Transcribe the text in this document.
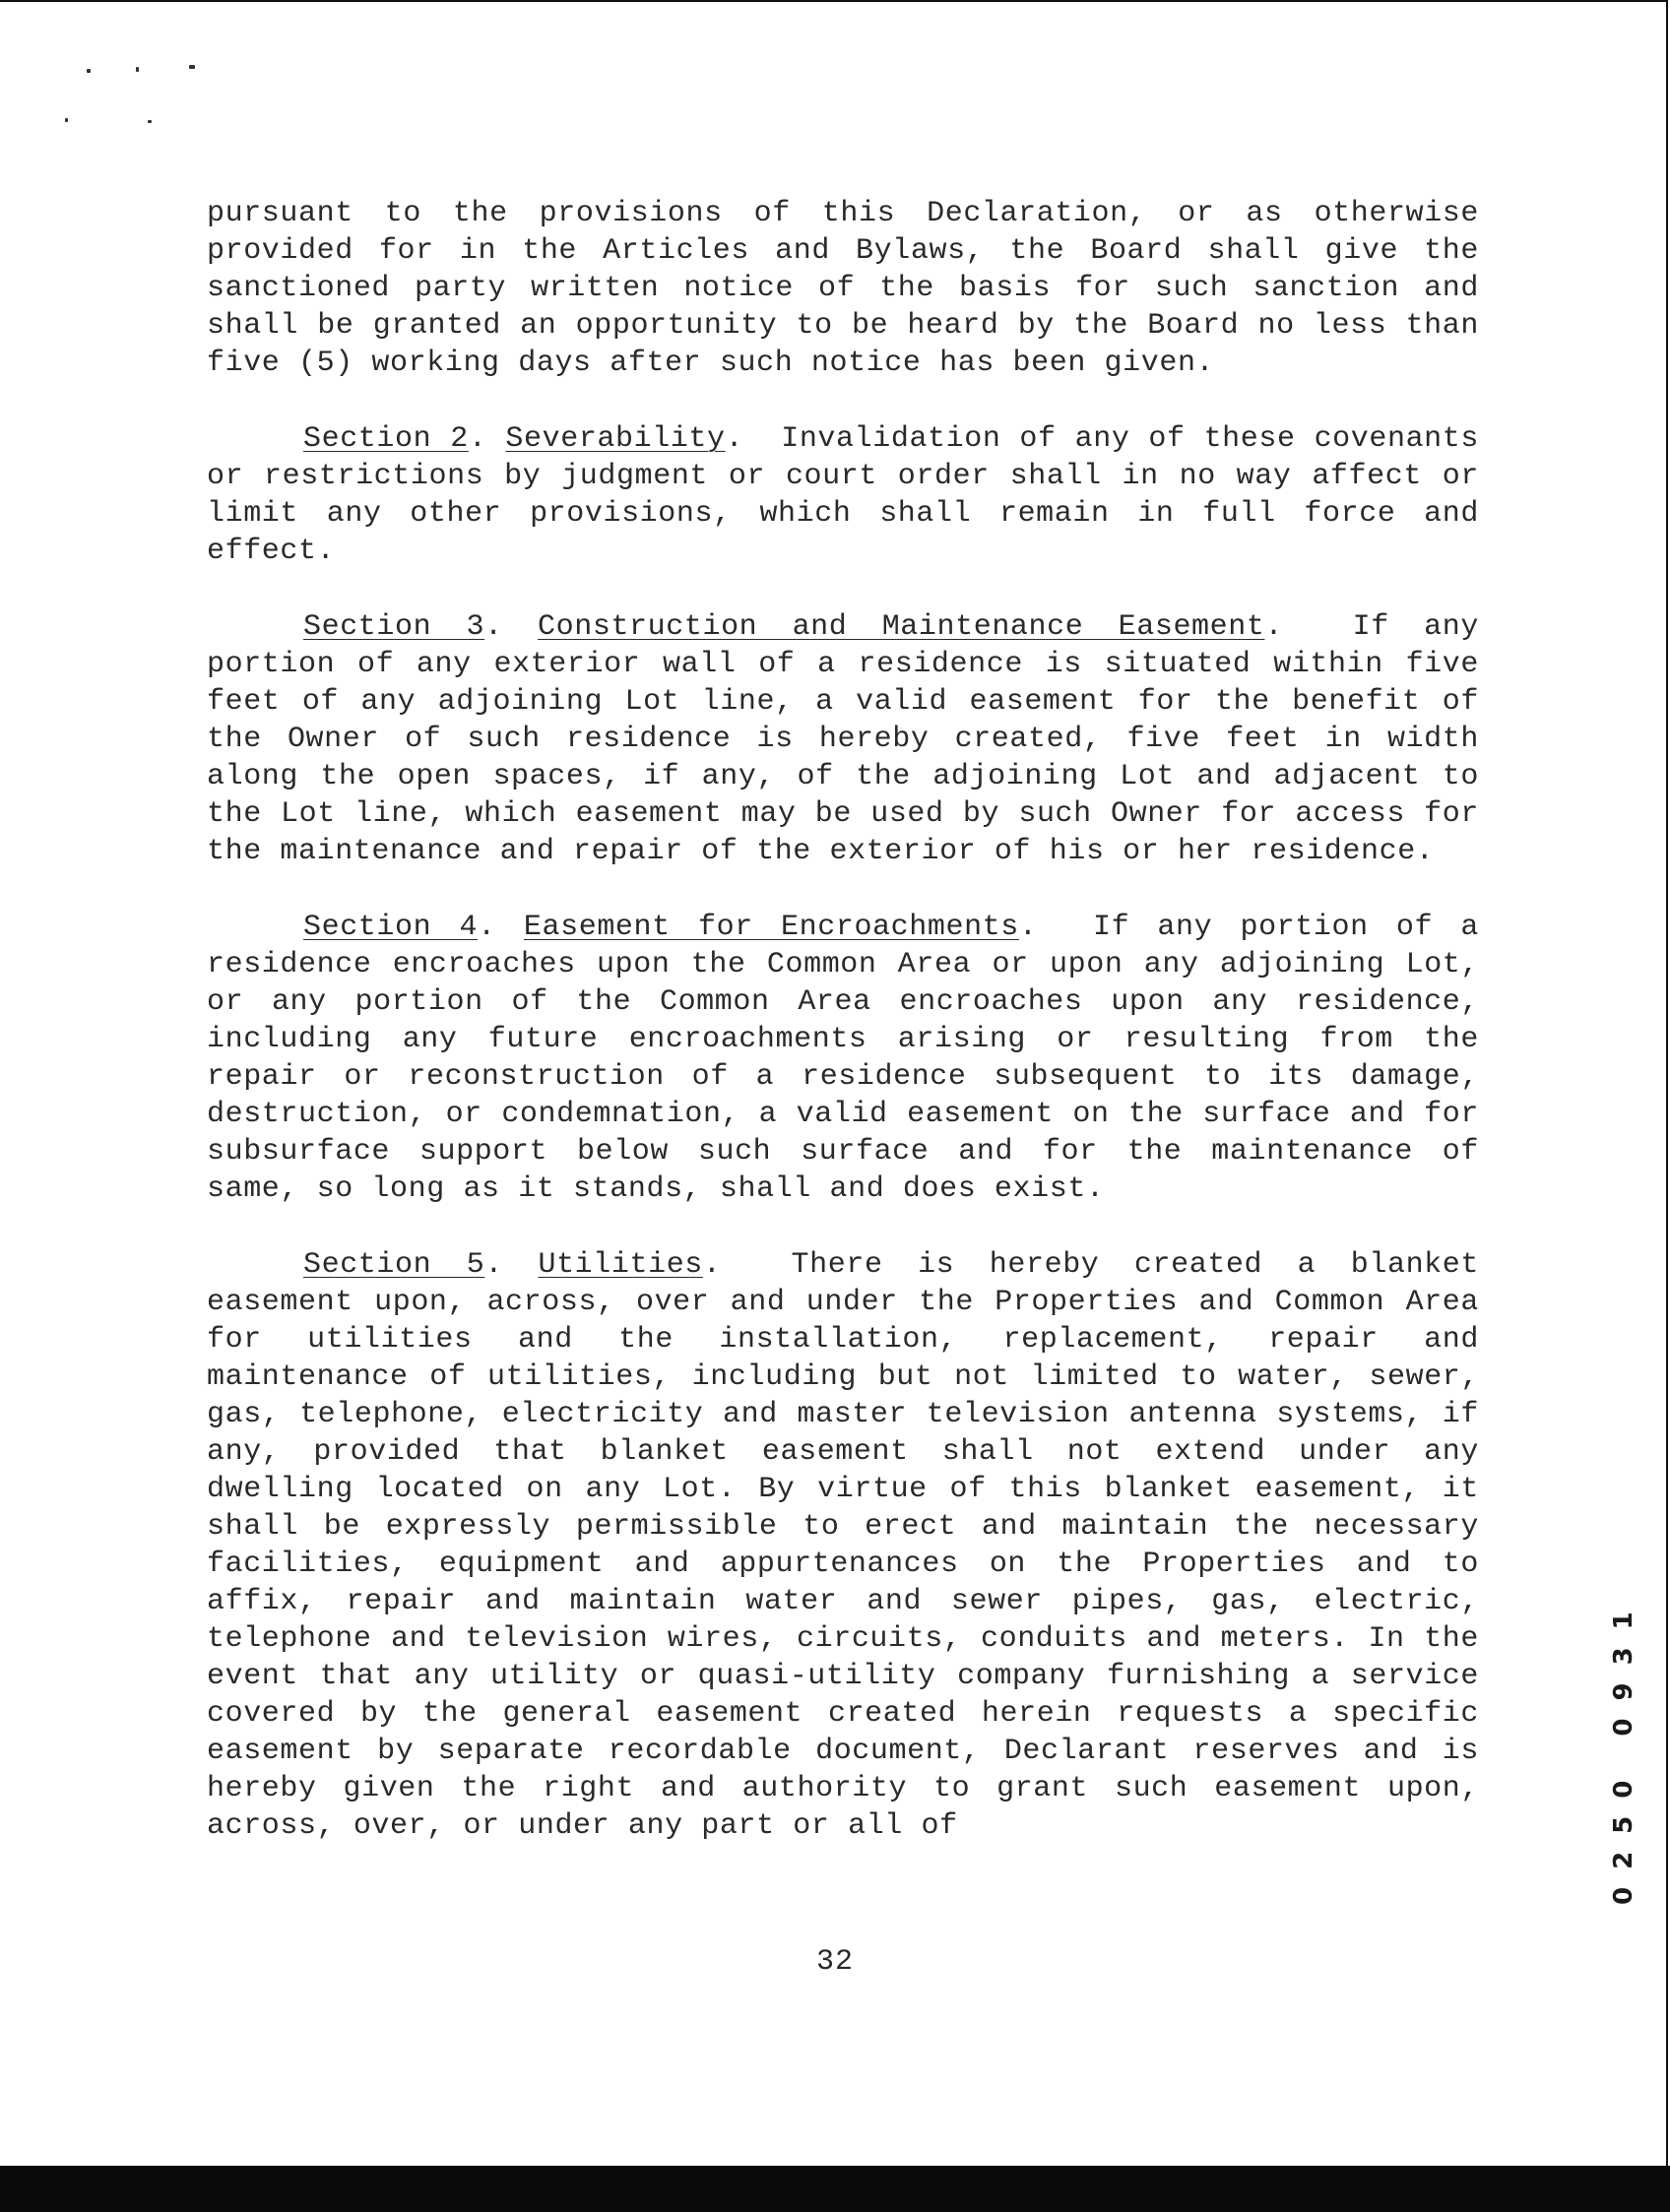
pursuant to the provisions of this Declaration, or as otherwise provided for in the Articles and Bylaws, the Board shall give the sanctioned party written notice of the basis for such sanction and shall be granted an opportunity to be heard by the Board no less than five (5) working days after such notice has been given.

Section 2. Severability.  Invalidation of any of these covenants or restrictions by judgment or court order shall in no way affect or limit any other provisions, which shall remain in full force and effect.

Section 3. Construction and Maintenance Easement.  If any portion of any exterior wall of a residence is situated within five feet of any adjoining Lot line, a valid easement for the benefit of the Owner of such residence is hereby created, five feet in width along the open spaces, if any, of the adjoining Lot and adjacent to the Lot line, which easement may be used by such Owner for access for the maintenance and repair of the exterior of his or her residence.

Section 4. Easement for Encroachments.  If any portion of a residence encroaches upon the Common Area or upon any adjoining Lot, or any portion of the Common Area encroaches upon any residence, including any future encroachments arising or resulting from the repair or reconstruction of a residence subsequent to its damage, destruction, or condemnation, a valid easement on the surface and for subsurface support below such surface and for the maintenance of same, so long as it stands, shall and does exist.

Section 5. Utilities.  There is hereby created a blanket easement upon, across, over and under the Properties and Common Area for utilities and the installation, replacement, repair and maintenance of utilities, including but not limited to water, sewer, gas, telephone, electricity and master television antenna systems, if any, provided that blanket easement shall not extend under any dwelling located on any Lot. By virtue of this blanket easement, it shall be expressly permissible to erect and maintain the necessary facilities, equipment and appurtenances on the Properties and to affix, repair and maintain water and sewer pipes, gas, electric, telephone and television wires, circuits, conduits and meters. In the event that any utility or quasi-utility company furnishing a service covered by the general easement created herein requests a specific easement by separate recordable document, Declarant reserves and is hereby given the right and authority to grant such easement upon, across, over, or under any part or all of

32
0250 0931
